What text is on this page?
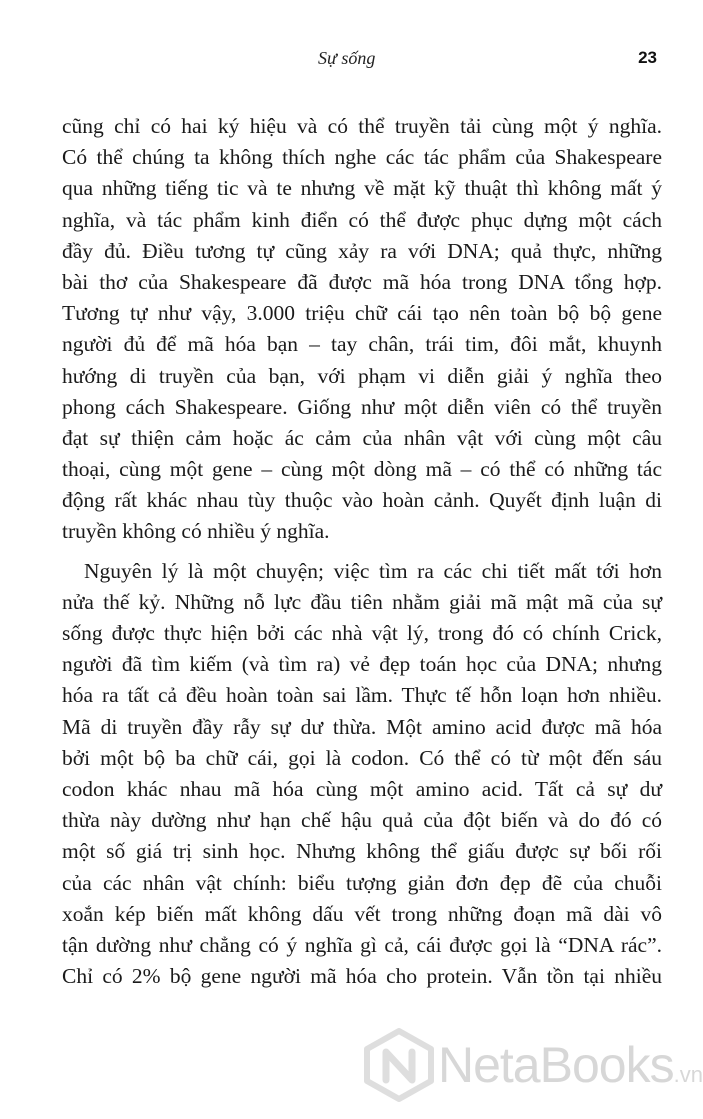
Sự sống	23
cũng chỉ có hai ký hiệu và có thể truyền tải cùng một ý nghĩa.
Có thể chúng ta không thích nghe các tác phẩm của Shakespeare
qua những tiếng tic và te nhưng về mặt kỹ thuật thì không mất ý
nghĩa, và tác phẩm kinh điển có thể được phục dựng một cách
đầy đủ. Điều tương tự cũng xảy ra với DNA; quả thực, những
bài thơ của Shakespeare đã được mã hóa trong DNA tổng hợp.
Tương tự như vậy, 3.000 triệu chữ cái tạo nên toàn bộ bộ gene
người đủ để mã hóa bạn – tay chân, trái tim, đôi mắt, khuynh
hướng di truyền của bạn, với phạm vi diễn giải ý nghĩa theo
phong cách Shakespeare. Giống như một diễn viên có thể truyền
đạt sự thiện cảm hoặc ác cảm của nhân vật với cùng một câu
thoại, cùng một gene – cùng một dòng mã – có thể có những tác
động rất khác nhau tùy thuộc vào hoàn cảnh. Quyết định luận di
truyền không có nhiều ý nghĩa.
Nguyên lý là một chuyện; việc tìm ra các chi tiết mất tới hơn
nửa thế kỷ. Những nỗ lực đầu tiên nhằm giải mã mật mã của sự
sống được thực hiện bởi các nhà vật lý, trong đó có chính Crick,
người đã tìm kiếm (và tìm ra) vẻ đẹp toán học của DNA; nhưng
hóa ra tất cả đều hoàn toàn sai lầm. Thực tế hỗn loạn hơn nhiều.
Mã di truyền đầy rẫy sự dư thừa. Một amino acid được mã hóa
bởi một bộ ba chữ cái, gọi là codon. Có thể có từ một đến sáu
codon khác nhau mã hóa cùng một amino acid. Tất cả sự dư
thừa này dường như hạn chế hậu quả của đột biến và do đó có
một số giá trị sinh học. Nhưng không thể giấu được sự bối rối
của các nhân vật chính: biểu tượng giản đơn đẹp đẽ của chuỗi
xoắn kép biến mất không dấu vết trong những đoạn mã dài vô
tận dường như chẳng có ý nghĩa gì cả, cái được gọi là “DNA rác”.
Chỉ có 2% bộ gene người mã hóa cho protein. Vẫn tồn tại nhiều
NetaBooks.vn
